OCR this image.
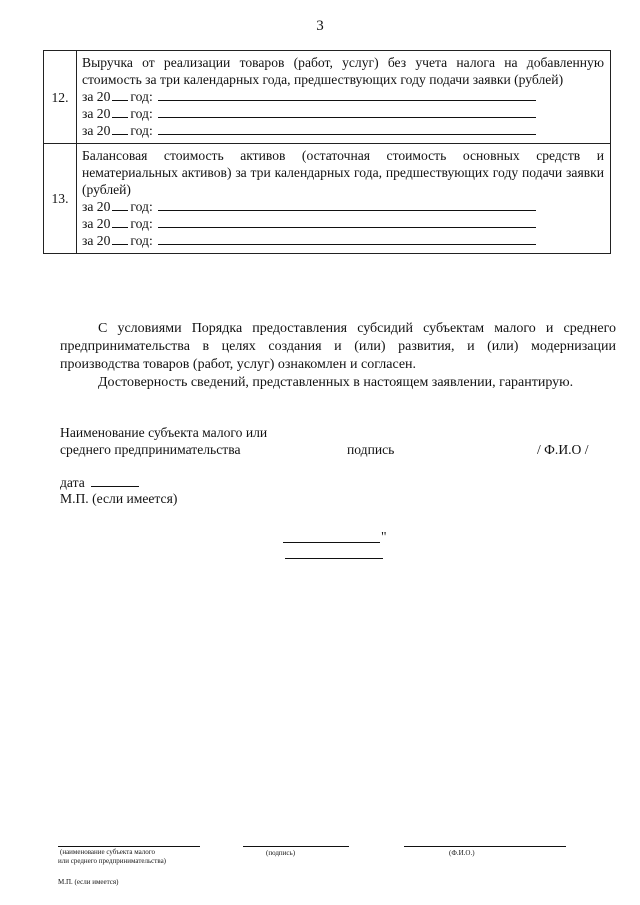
3
12.	Выручка от реализации товаров (работ, услуг) без учета налога на добавленную стоимость за три календарных года, предшествующих году подачи заявки (рублей)
за 20 год:
за 20 год:
за 20 год:

13.	Балансовая стоимость активов (остаточная стоимость основных средств и нематериальных активов) за три календарных года, предшествующих году подачи заявки (рублей)
за 20 год:
за 20 год:
за 20 год:
С условиями Порядка предоставления субсидий субъектам малого и среднего предпринимательства в целях создания и (или) развития, и (или) модернизации производства товаров (работ, услуг) ознакомлен и согласен.
Достоверность сведений, представленных в настоящем заявлении, гарантирую.
Наименование субъекта малого или
среднего предпринимательства	подпись	/ Ф.И.О /
дата
М.П. (если имеется)
"
(наименование субъекта малого
или среднего предпринимательства)
(подпись)	(Ф.И.О.)
М.П. (если имеется)
